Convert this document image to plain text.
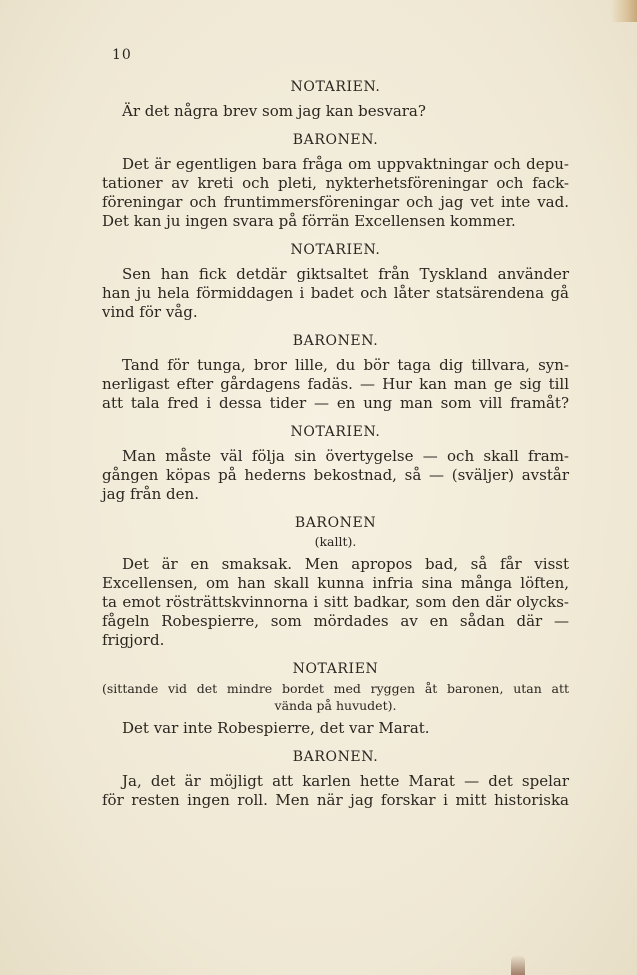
10

NOTARIEN.

Är det några brev som jag kan besvara?

BARONEN.

Det är egentligen bara fråga om uppvaktningar och depu-
tationer av kreti och pleti, nykterhetsföreningar och fack-
föreningar och fruntimmersföreningar och jag vet inte vad.
Det kan ju ingen svara på förrän Excellensen kommer.

NOTARIEN.

Sen han fick detdär giktsaltet från Tyskland använder
han ju hela förmiddagen i badet och låter statsärendena gå
vind för våg.

BARONEN.

Tand för tunga, bror lille, du bör taga dig tillvara, syn-
nerligast efter gårdagens fadäs. — Hur kan man ge sig till
att tala fred i dessa tider — en ung man som vill framåt?

NOTARIEN.

Man måste väl följa sin övertygelse — och skall fram-
gången köpas på hederns bekostnad, så — (sväljer) avstår
jag från den.

BARONEN

(kallt).

Det är en smaksak. Men apropos bad, så får visst
Excellensen, om han skall kunna infria sina många löften,
ta emot rösträttskvinnorna i sitt badkar, som den där olycks-
fågeln Robespierre, som mördades av en sådan där —
frigjord.

NOTARIEN

(sittande vid det mindre bordet med ryggen åt baronen, utan att
vända på huvudet).
Det var inte Robespierre, det var Marat.

BARONEN.

Ja, det är möjligt att karlen hette Marat — det spelar
för resten ingen roll. Men när jag forskar i mitt historiska
